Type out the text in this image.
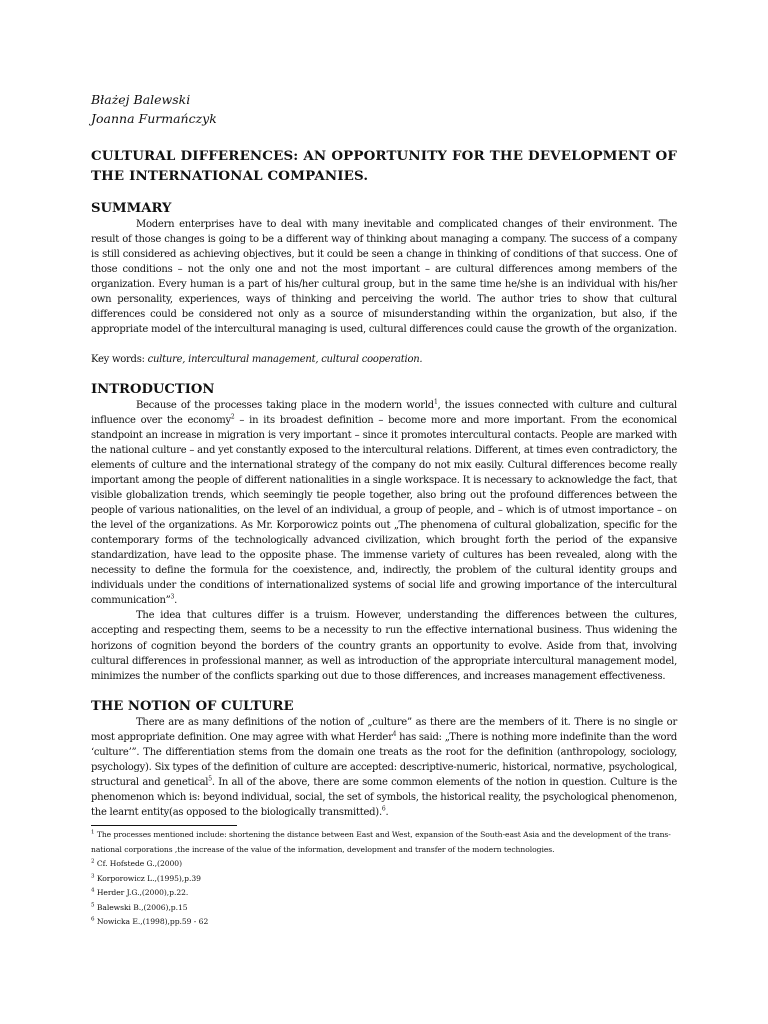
Błażej Balewski
Joanna Furmańczyk
CULTURAL DIFFERENCES: AN OPPORTUNITY FOR THE DEVELOPMENT OF THE INTERNATIONAL COMPANIES.
SUMMARY

Modern enterprises have to deal with many inevitable and complicated changes of their environment. The result of those changes is going to be a different way of thinking about managing a company. The success of a company is still considered as achieving objectives, but it could be seen a change in thinking of conditions of that success. One of those conditions – not the only one and not the most important – are cultural differences among members of the organization. Every human is a part of his/her cultural group, but in the same time he/she is an individual with his/her own personality, experiences, ways of thinking and perceiving the world. The author tries to show that cultural differences could be considered not only as a source of misunderstanding within the organization, but also, if the appropriate model of the intercultural managing is used, cultural differences could cause the growth of the organization.

Key words: culture, intercultural management, cultural cooperation.
INTRODUCTION

Because of the processes taking place in the modern world$^1$, the issues connected with culture and cultural influence over the economy$^2$ – in its broadest definition – become more and more important. From the economical standpoint an increase in migration is very important – since it promotes intercultural contacts. People are marked with the national culture – and yet constantly exposed to the intercultural relations. Different, at times even contradictory, the elements of culture and the international strategy of the company do not mix easily. Cultural differences become really important among the people of different nationalities in a single workspace. It is necessary to acknowledge the fact, that visible globalization trends, which seemingly tie people together, also bring out the profound differences between the people of various nationalities, on the level of an individual, a group of people, and – which is of utmost importance – on the level of the organizations. As Mr. Korporowicz points out „The phenomena of cultural globalization, specific for the contemporary forms of the technologically advanced civilization, which brought forth the period of the expansive standardization, have lead to the opposite phase. The immense variety of cultures has been revealed, along with the necessity to define the formula for the coexistence, and, indirectly, the problem of the cultural identity groups and individuals under the conditions of internationalized systems of social life and growing importance of the intercultural communication”$^3$.

The idea that cultures differ is a truism. However, understanding the differences between the cultures, accepting and respecting them, seems to be a necessity to run the effective international business. Thus widening the horizons of cognition beyond the borders of the country grants an opportunity to evolve. Aside from that, involving cultural differences in professional manner, as well as introduction of the appropriate intercultural management model, minimizes the number of the conflicts sparking out due to those differences, and increases management effectiveness.

THE NOTION OF CULTURE

There are as many definitions of the notion of „culture” as there are the members of it. There is no single or most appropriate definition. One may agree with what Herder$^4$ has said: „There is nothing more indefinite than the word ‘culture’”. The differentiation stems from the domain one treats as the root for the definition (anthropology, sociology, psychology). Six types of the definition of culture are accepted: descriptive-numeric, historical, normative, psychological, structural and genetical$^5$. In all of the above, there are some common elements of the notion in question. Culture is the phenomenon which is: beyond individual, social, the set of symbols, the historical reality, the psychological phenomenon, the learnt entity(as opposed to the biologically transmitted).$^6$.

$^1$ The processes mentioned include: shortening the distance between East and West, expansion of the South-east Asia and the development of the trans-national corporations ,the increase of the value of the information, development and transfer of the modern technologies.
$^2$ Cf. Hofstede G.,(2000)
$^3$ Korporowicz L.,(1995),p.39
$^4$ Herder J.G.,(2000),p.22.
$^5$ Balewski B.,(2006),p.15
$^6$ Nowicka E.,(1998),pp.59 - 62
